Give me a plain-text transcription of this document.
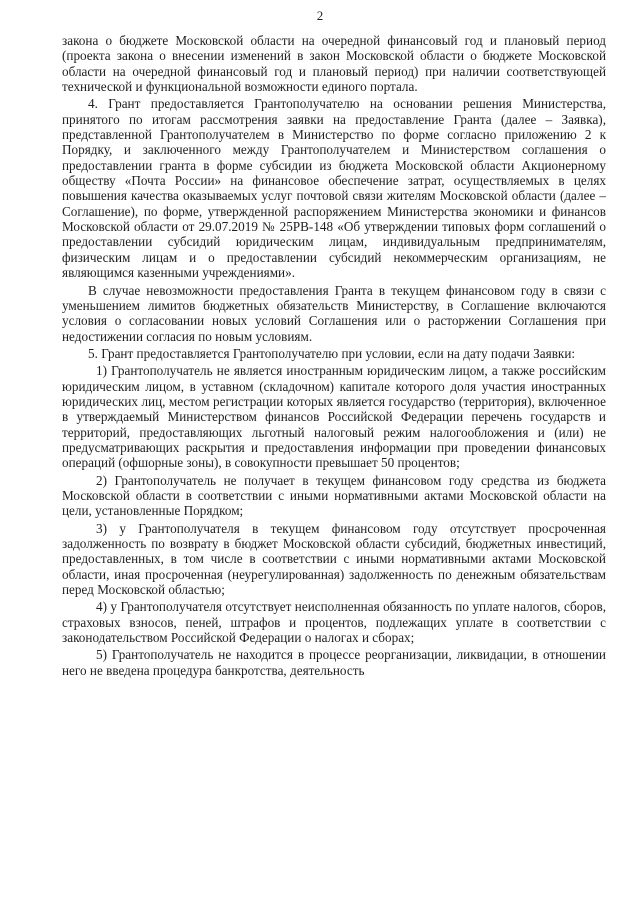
2

закона о бюджете Московской области на очередной финансовый год и плановый период (проекта закона о внесении изменений в закон Московской области о бюджете Московской области на очередной финансовый год и плановый период) при наличии соответствующей технической и функциональной возможности единого портала.

4. Грант предоставляется Грантополучателю на основании решения Министерства, принятого по итогам рассмотрения заявки на предоставление Гранта (далее – Заявка), представленной Грантополучателем в Министерство по форме согласно приложению 2 к Порядку, и заключенного между Грантополучателем и Министерством соглашения о предоставлении гранта в форме субсидии из бюджета Московской области Акционерному обществу «Почта России» на финансовое обеспечение затрат, осуществляемых в целях повышения качества оказываемых услуг почтовой связи жителям Московской области (далее – Соглашение), по форме, утвержденной распоряжением Министерства экономики и финансов Московской области от 29.07.2019 № 25РВ-148 «Об утверждении типовых форм соглашений о предоставлении субсидий юридическим лицам, индивидуальным предпринимателям, физическим лицам и о предоставлении субсидий некоммерческим организациям, не являющимся казенными учреждениями».

В случае невозможности предоставления Гранта в текущем финансовом году в связи с уменьшением лимитов бюджетных обязательств Министерству, в Соглашение включаются условия о согласовании новых условий Соглашения или о расторжении Соглашения при недостижении согласия по новым условиям.

5. Грант предоставляется Грантополучателю при условии, если на дату подачи Заявки:

1) Грантополучатель не является иностранным юридическим лицом, а также российским юридическим лицом, в уставном (складочном) капитале которого доля участия иностранных юридических лиц, местом регистрации которых является государство (территория), включенное в утверждаемый Министерством финансов Российской Федерации перечень государств и территорий, предоставляющих льготный налоговый режим налогообложения и (или) не предусматривающих раскрытия и предоставления информации при проведении финансовых операций (офшорные зоны), в совокупности превышает 50 процентов;

2) Грантополучатель не получает в текущем финансовом году средства из бюджета Московской области в соответствии с иными нормативными актами Московской области на цели, установленные Порядком;

3) у Грантополучателя в текущем финансовом году отсутствует просроченная задолженность по возврату в бюджет Московской области субсидий, бюджетных инвестиций, предоставленных, в том числе в соответствии с иными нормативными актами Московской области, иная просроченная (неурегулированная) задолженность по денежным обязательствам перед Московской областью;

4) у Грантополучателя отсутствует неисполненная обязанность по уплате налогов, сборов, страховых взносов, пеней, штрафов и процентов, подлежащих уплате в соответствии с законодательством Российской Федерации о налогах и сборах;

5) Грантополучатель не находится в процессе реорганизации, ликвидации, в отношении него не введена процедура банкротства, деятельность
